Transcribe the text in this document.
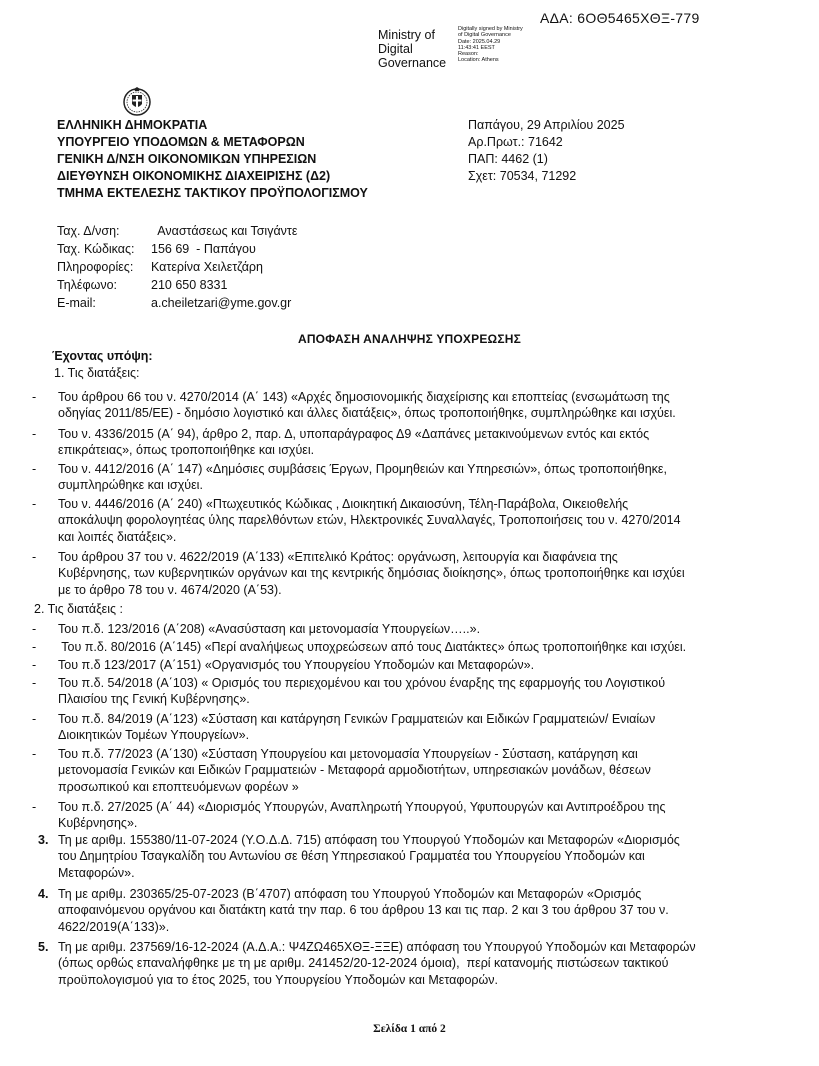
ΑΔΑ: 6ΟΘ5465ΧΘΞ-779
Ministry of
Digital
Governance
Digitally signed by Ministry
of Digital Governance
Date: 2025.04.29
11:43:41 EEST
Reason:
Location: Athens
ΕΛΛΗΝΙΚΗ ΔΗΜΟΚΡΑΤΙΑ
ΥΠΟΥΡΓΕΙΟ ΥΠΟΔΟΜΩΝ & ΜΕΤΑΦΟΡΩΝ
ΓΕΝΙΚΗ Δ/ΝΣΗ ΟΙΚΟΝΟΜΙΚΩΝ ΥΠΗΡΕΣΙΩΝ
ΔΙΕΥΘΥΝΣΗ ΟΙΚΟΝΟΜΙΚΗΣ ΔΙΑΧΕΙΡΙΣΗΣ (Δ2)
ΤΜΗΜΑ ΕΚΤΕΛΕΣΗΣ ΤΑΚΤΙΚΟΥ ΠΡΟΫΠΟΛΟΓΙΣΜΟΥ
Παπάγου, 29 Απριλίου 2025
Αρ.Πρωτ.: 71642
ΠΑΠ: 4462 (1)
Σχετ: 70534, 71292
Ταχ. Δ/νση:	Αναστάσεως και Τσιγάντε
Ταχ. Κώδικας:	156 69  - Παπάγου
Πληροφορίες:	Κατερίνα Χειλετζάρη
Τηλέφωνο:	210 650 8331
E-mail:	a.cheiletzari@yme.gov.gr
ΑΠΟΦΑΣΗ ΑΝΑΛΗΨΗΣ ΥΠΟΧΡΕΩΣΗΣ
Έχοντας υπόψη:
1. Τις διατάξεις:
- Του άρθρου 66 του ν. 4270/2014 (Α΄ 143) «Αρχές δημοσιονομικής διαχείρισης και εποπτείας (ενσωμάτωση της
οδηγίας 2011/85/ΕΕ) - δημόσιο λογιστικό και άλλες διατάξεις», όπως τροποποιήθηκε, συμπληρώθηκε και ισχύει.
- Του ν. 4336/2015 (Α΄ 94), άρθρο 2, παρ. Δ, υποπαράγραφος Δ9 «Δαπάνες μετακινούμενων εντός και εκτός
επικράτειας», όπως τροποποιήθηκε και ισχύει.
- Του ν. 4412/2016 (Α΄ 147) «Δημόσιες συμβάσεις Έργων, Προμηθειών και Υπηρεσιών», όπως τροποποιήθηκε,
συμπληρώθηκε και ισχύει.
- Του ν. 4446/2016 (Α΄ 240) «Πτωχευτικός Κώδικας , Διοικητική Δικαιοσύνη, Τέλη-Παράβολα, Οικειοθελής
αποκάλυψη φορολογητέας ύλης παρελθόντων ετών, Ηλεκτρονικές Συναλλαγές, Τροποποιήσεις του ν. 4270/2014
και λοιπές διατάξεις».
- Του άρθρου 37 του ν. 4622/2019 (Α΄133) «Επιτελικό Κράτος: οργάνωση, λειτουργία και διαφάνεια της
Κυβέρνησης, των κυβερνητικών οργάνων και της κεντρικής δημόσιας διοίκησης», όπως τροποποιήθηκε και ισχύει
με το άρθρο 78 του ν. 4674/2020 (Α΄53).
2. Τις διατάξεις :
- Του π.δ. 123/2016 (Α΄208) «Ανασύσταση και μετονομασία Υπουργείων…..».
- Του π.δ. 80/2016 (Α΄145) «Περί αναλήψεως υποχρεώσεων από τους Διατάκτες» όπως τροποποιήθηκε και ισχύει.
- Του π.δ 123/2017 (Α΄151) «Οργανισμός του Υπουργείου Υποδομών και Μεταφορών».
- Του π.δ. 54/2018 (Α΄103) « Ορισμός του περιεχομένου και του χρόνου έναρξης της εφαρμογής του Λογιστικού
Πλαισίου της Γενική Κυβέρνησης».
- Του π.δ. 84/2019 (Α΄123) «Σύσταση και κατάργηση Γενικών Γραμματειών και Ειδικών Γραμματειών/ Ενιαίων
Διοικητικών Τομέων Υπουργείων».
- Του π.δ. 77/2023 (Α΄130) «Σύσταση Υπουργείου και μετονομασία Υπουργείων - Σύσταση, κατάργηση και
μετονομασία Γενικών και Ειδικών Γραμματειών - Μεταφορά αρμοδιοτήτων, υπηρεσιακών μονάδων, θέσεων
προσωπικού και εποπτευόμενων φορέων »
- Του π.δ. 27/2025 (Α΄ 44) «Διορισμός Υπουργών, Αναπληρωτή Υπουργού, Υφυπουργών και Αντιπροέδρου της
Κυβέρνησης».
3. Τη με αριθμ. 155380/11-07-2024 (Υ.Ο.Δ.Δ. 715) απόφαση του Υπουργού Υποδομών και Μεταφορών «Διορισμός
του Δημητρίου Τσαγκαλίδη του Αντωνίου σε θέση Υπηρεσιακού Γραμματέα του Υπουργείου Υποδομών και
Μεταφορών».
4. Τη με αριθμ. 230365/25-07-2023 (Β΄4707) απόφαση του Υπουργού Υποδομών και Μεταφορών «Ορισμός
αποφαινόμενου οργάνου και διατάκτη κατά την παρ. 6 του άρθρου 13 και τις παρ. 2 και 3 του άρθρου 37 του ν.
4622/2019(Α΄133)».
5. Τη με αριθμ. 237569/16-12-2024 (Α.Δ.Α.: Ψ4ΖΩ465ΧΘΞ-ΞΞΕ) απόφαση του Υπουργού Υποδομών και Μεταφορών
(όπως ορθώς επαναλήφθηκε με τη με αριθμ. 241452/20-12-2024 όμοια),  περί κατανομής πιστώσεων τακτικού
προϋπολογισμού για το έτος 2025, του Υπουργείου Υποδομών και Μεταφορών.
Σελίδα 1 από 2
